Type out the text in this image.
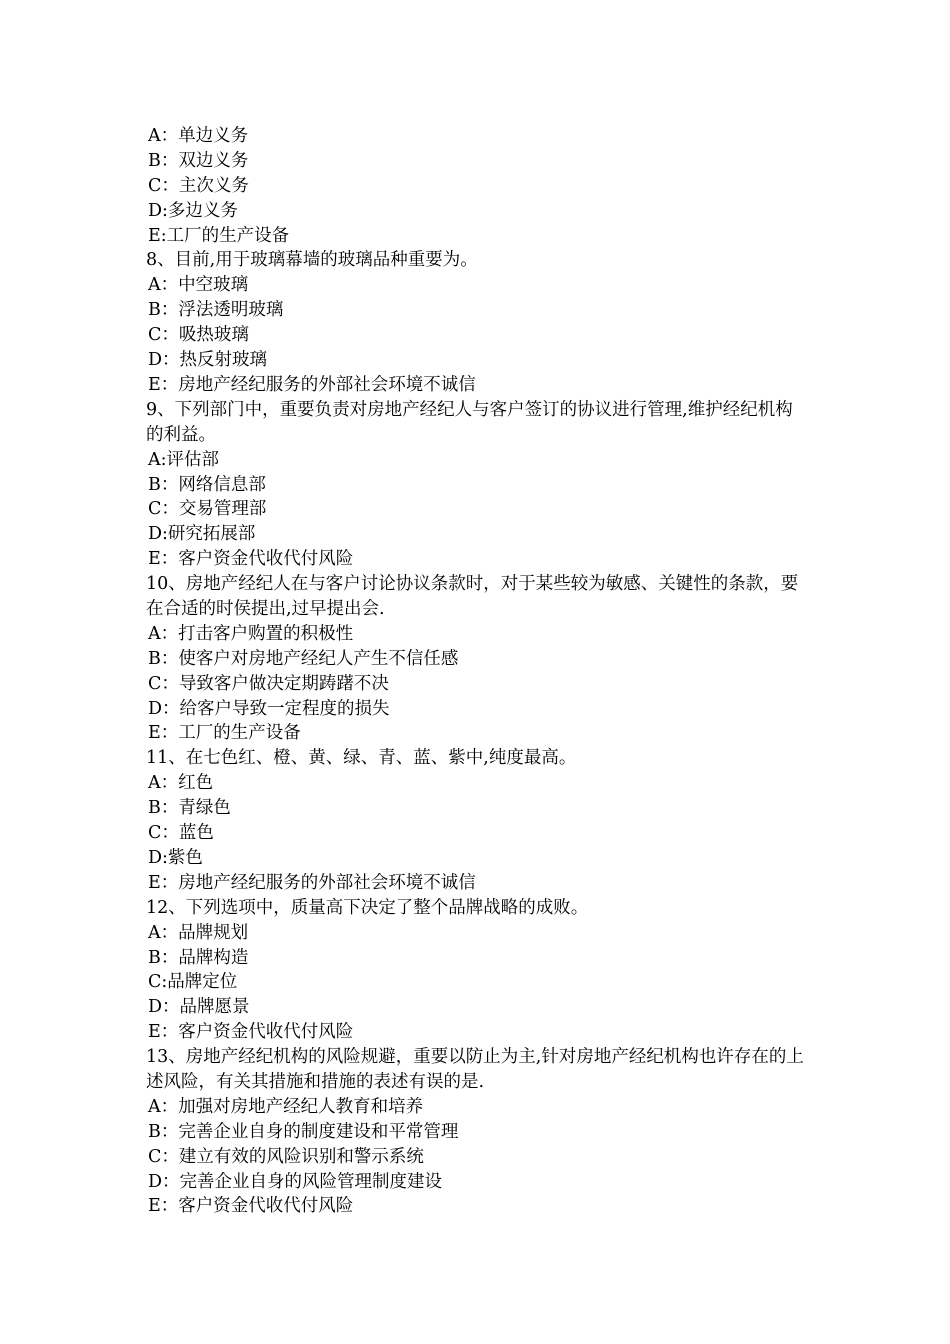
A：单边义务
B：双边义务
C：主次义务
D:多边义务
E:工厂的生产设备
8、目前,用于玻璃幕墙的玻璃品种重要为。
A：中空玻璃
B：浮法透明玻璃
C：吸热玻璃
D：热反射玻璃
E：房地产经纪服务的外部社会环境不诚信
9、下列部门中，重要负责对房地产经纪人与客户签订的协议进行管理,维护经纪机构的利益。
A:评估部
B：网络信息部
C：交易管理部
D:研究拓展部
E：客户资金代收代付风险
10、房地产经纪人在与客户讨论协议条款时，对于某些较为敏感、关键性的条款，要在合适的时侯提出,过早提出会.
A：打击客户购置的积极性
B：使客户对房地产经纪人产生不信任感
C：导致客户做决定期踌躇不决
D：给客户导致一定程度的损失
E：工厂的生产设备
11、在七色红、橙、黄、绿、青、蓝、紫中,纯度最高。
A：红色
B：青绿色
C：蓝色
D:紫色
E：房地产经纪服务的外部社会环境不诚信
12、下列选项中，质量高下决定了整个品牌战略的成败。
A：品牌规划
B：品牌构造
C:品牌定位
D：品牌愿景
E：客户资金代收代付风险
13、房地产经纪机构的风险规避，重要以防止为主,针对房地产经纪机构也许存在的上述风险，有关其措施和措施的表述有误的是.
A：加强对房地产经纪人教育和培养
B：完善企业自身的制度建设和平常管理
C：建立有效的风险识别和警示系统
D：完善企业自身的风险管理制度建设
E：客户资金代收代付风险
